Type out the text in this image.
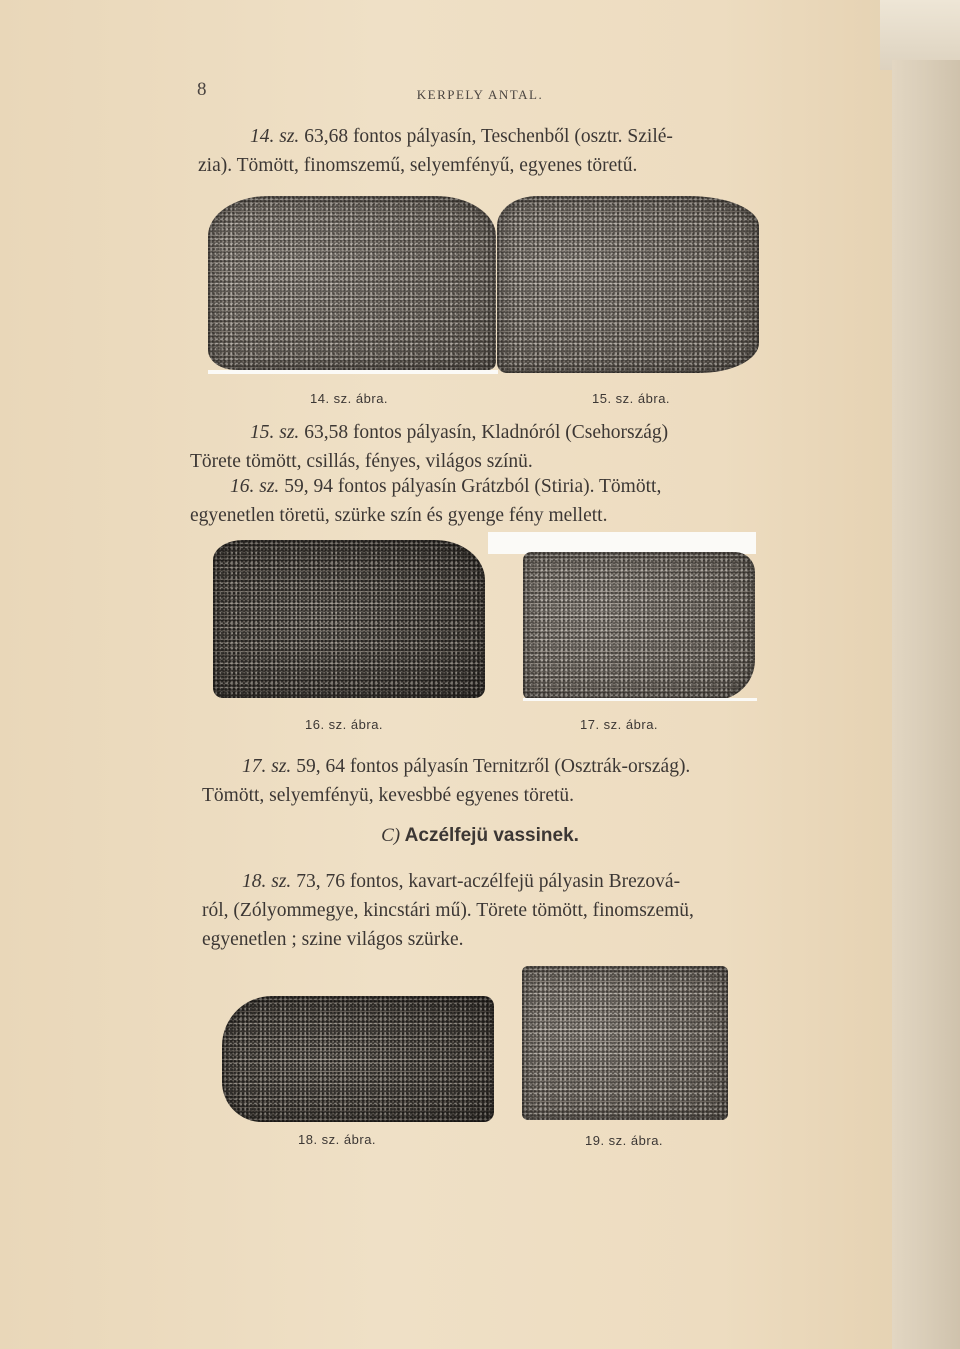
8	KERPELY ANTAL.
14. sz. 63,68 fontos pályasín, Teschenből (osztr. Szilé-
zia). Tömött, finomszemű, selyemfényű, egyenes töretű.
14. sz. ábra.	15. sz. ábra.
15. sz. 63,58 fontos pályasín, Kladnóról (Csehország)
Törete tömött, csillás, fényes, világos színü.
16. sz. 59, 94 fontos pályasín Grátzból (Stiria). Tömött,
egyenetlen töretü, szürke szín és gyenge fény mellett.
16. sz. ábra.	17. sz. ábra.
17. sz. 59, 64 fontos pályasín Ternitzről (Osztrák-ország).
Tömött, selyemfényü, kevesbbé egyenes töretü.
C) Aczélfejü vassinek.
18. sz. 73, 76 fontos, kavart-aczélfejü pályasin Brezová-
ról, (Zólyommegye, kincstári mű). Törete tömött, finomszemü,
egyenetlen ; szine világos szürke.
18. sz. ábra.	19. sz. ábra.
